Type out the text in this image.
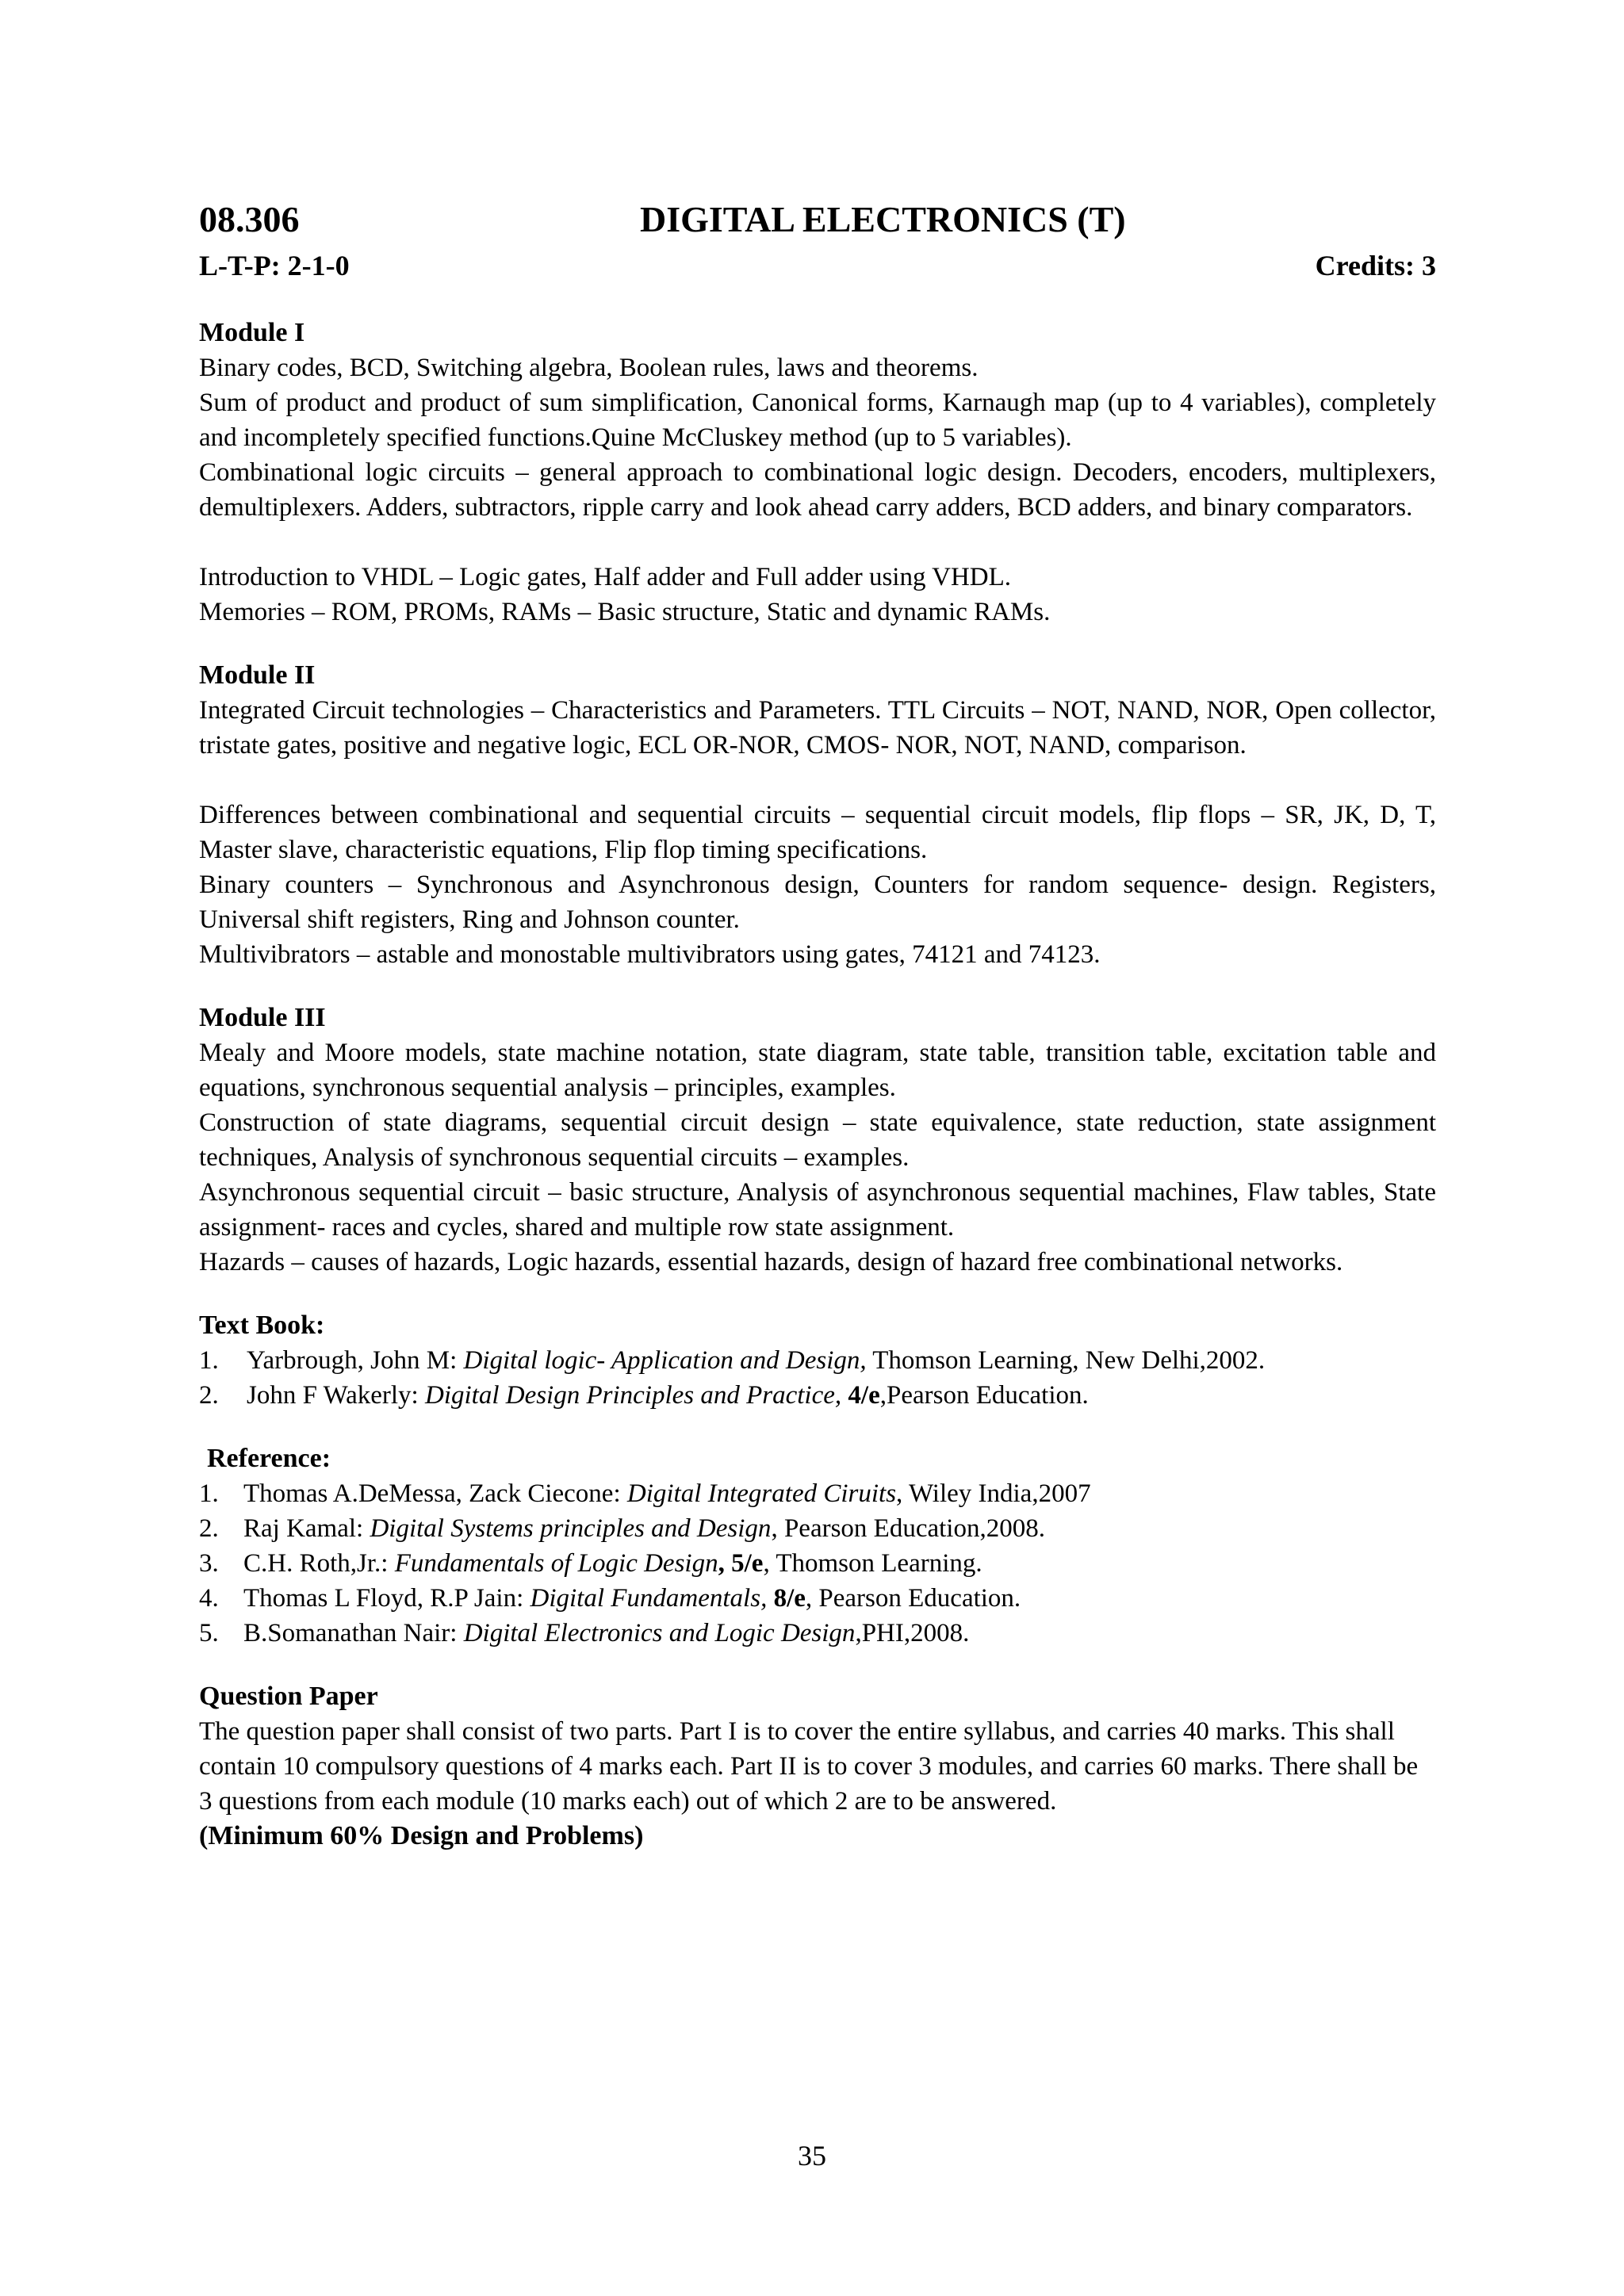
08.306	DIGITAL ELECTRONICS (T)
L-T-P: 2-1-0	Credits: 3
Module I

Binary codes, BCD, Switching algebra, Boolean rules, laws and theorems.

Sum of product and product of sum simplification, Canonical forms, Karnaugh map (up to 4 variables), completely and incompletely specified functions.Quine McCluskey method (up to 5 variables).

Combinational logic circuits – general approach to combinational logic design. Decoders, encoders, multiplexers, demultiplexers. Adders, subtractors, ripple carry and look ahead carry adders, BCD adders, and binary comparators.

Introduction to VHDL – Logic gates, Half adder and Full adder using VHDL.

Memories – ROM, PROMs, RAMs – Basic structure, Static and dynamic RAMs.

Module II

Integrated Circuit technologies – Characteristics and Parameters. TTL Circuits – NOT, NAND, NOR, Open collector, tristate gates, positive and negative logic, ECL OR-NOR, CMOS- NOR, NOT, NAND, comparison.

Differences between combinational and sequential circuits – sequential circuit models, flip flops – SR, JK, D, T, Master slave, characteristic equations, Flip flop timing specifications.

Binary counters – Synchronous and Asynchronous design, Counters for random sequence- design. Registers, Universal shift registers, Ring and Johnson counter.

Multivibrators – astable and monostable multivibrators using gates, 74121 and 74123.

Module III

Mealy and Moore models, state machine notation, state diagram, state table, transition table, excitation table and equations, synchronous sequential analysis – principles, examples.

Construction of state diagrams, sequential circuit design – state equivalence, state reduction, state assignment techniques, Analysis of synchronous sequential circuits – examples.

Asynchronous sequential circuit – basic structure, Analysis of asynchronous sequential machines, Flaw tables, State assignment- races and cycles, shared and multiple row state assignment.

Hazards – causes of hazards, Logic hazards, essential hazards, design of hazard free combinational networks.

Text Book:
1.	Yarbrough, John M: Digital logic- Application and Design, Thomson Learning, New Delhi,2002.
2.	John F Wakerly: Digital Design Principles and Practice, 4/e,Pearson Education.
Reference:
1. Thomas A.DeMessa, Zack Ciecone: Digital Integrated Ciruits, Wiley India,2007
2. Raj Kamal: Digital Systems principles and Design, Pearson Education,2008.
3. C.H. Roth,Jr.: Fundamentals of Logic Design, 5/e, Thomson Learning.
4. Thomas L Floyd, R.P Jain: Digital Fundamentals, 8/e, Pearson Education.
5. B.Somanathan Nair: Digital Electronics and Logic Design,PHI,2008.
Question Paper

The question paper shall consist of two parts. Part I is to cover the entire syllabus, and carries 40 marks. This shall contain 10 compulsory questions of 4 marks each. Part II is to cover 3 modules, and carries 60 marks. There shall be 3 questions from each module (10 marks each) out of which 2 are to be answered.

(Minimum 60% Design and Problems)
35
